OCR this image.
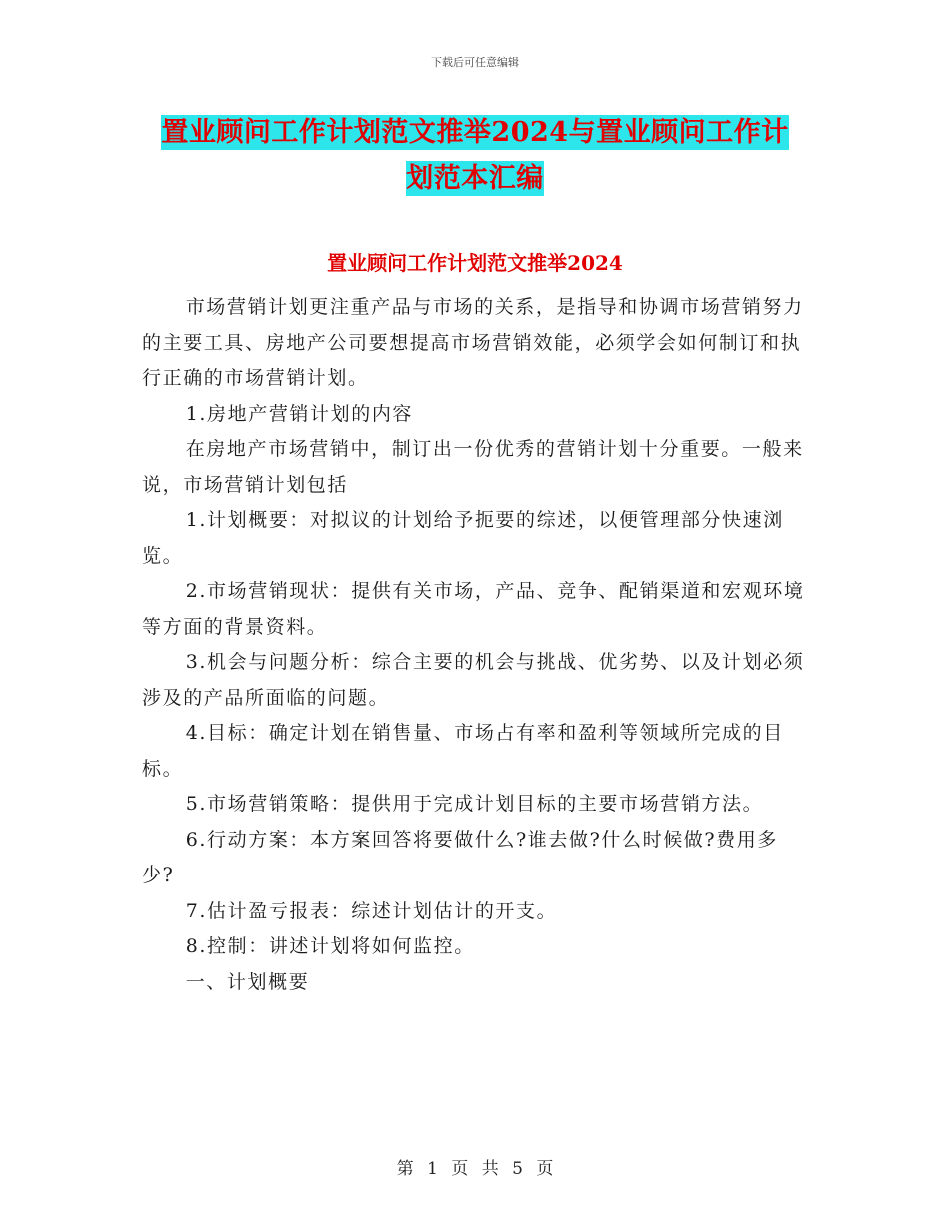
下载后可任意编辑
置业顾问工作计划范文推举2024与置业顾问工作计划范本汇编
置业顾问工作计划范文推举2024

市场营销计划更注重产品与市场的关系，是指导和协调市场营销努力的主要工具、房地产公司要想提高市场营销效能，必须学会如何制订和执行正确的市场营销计划。

1.房地产营销计划的内容

在房地产市场营销中，制订出一份优秀的营销计划十分重要。一般来说，市场营销计划包括

1.计划概要：对拟议的计划给予扼要的综述，以便管理部分快速浏览。

2.市场营销现状：提供有关市场，产品、竞争、配销渠道和宏观环境等方面的背景资料。

3.机会与问题分析：综合主要的机会与挑战、优劣势、以及计划必须涉及的产品所面临的问题。

4.目标：确定计划在销售量、市场占有率和盈利等领域所完成的目标。

5.市场营销策略：提供用于完成计划目标的主要市场营销方法。

6.行动方案：本方案回答将要做什么?谁去做?什么时候做?费用多少?

7.估计盈亏报表：综述计划估计的开支。

8.控制：讲述计划将如何监控。

一、计划概要

第 1 页 共 5 页
